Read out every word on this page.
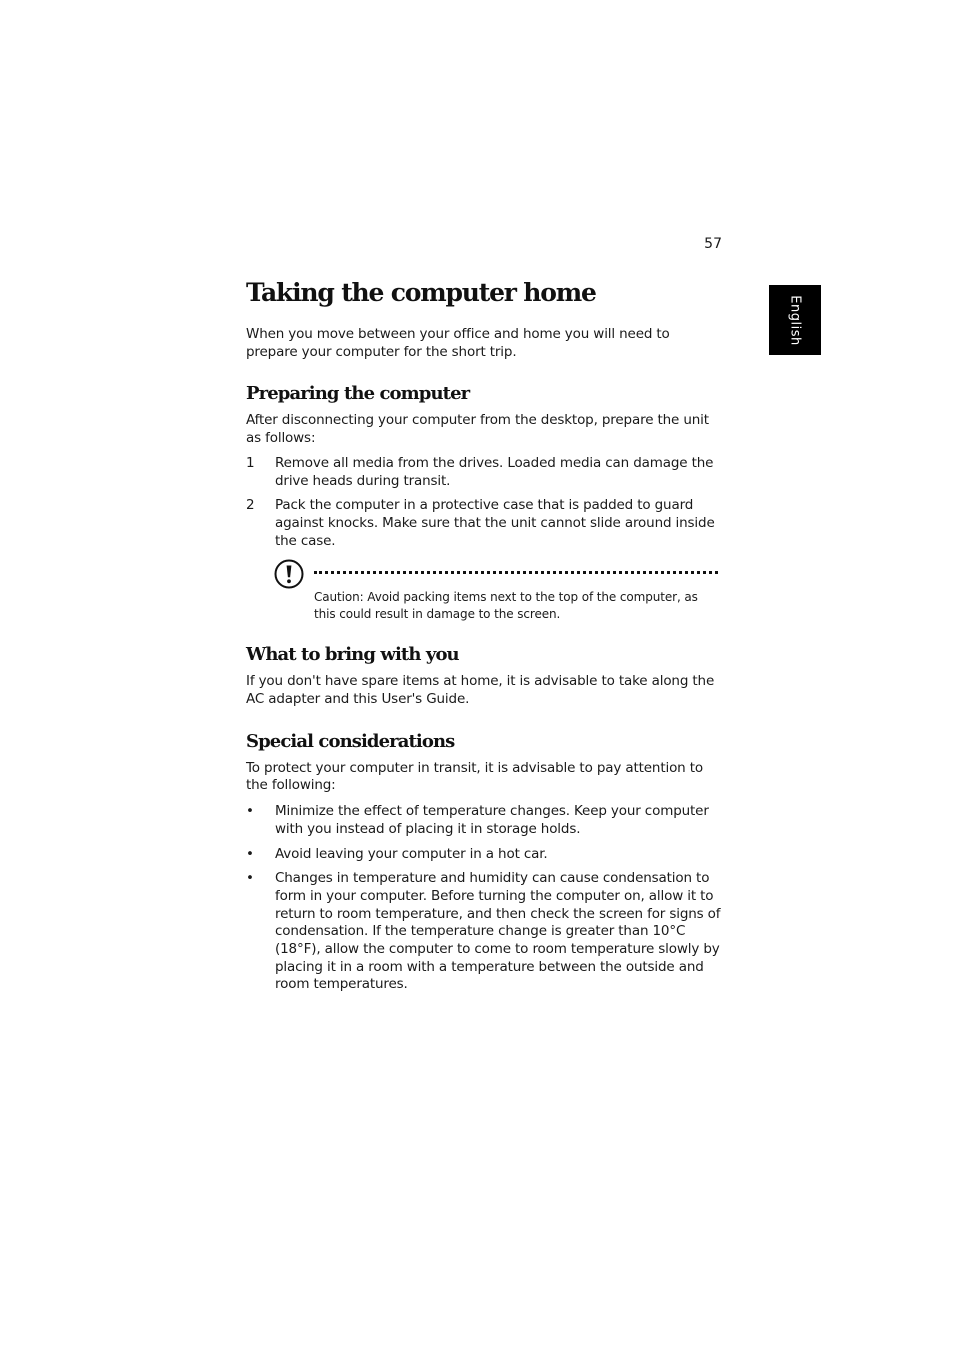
57
English
Taking the computer home

When you move between your office and home you will need to prepare your computer for the short trip.

Preparing the computer

After disconnecting your computer from the desktop, prepare the unit as follows:

1	Remove all media from the drives. Loaded media can damage the drive heads during transit.
2	Pack the computer in a protective case that is padded to guard against knocks. Make sure that the unit cannot slide around inside the case.

Caution: Avoid packing items next to the top of the computer, as this could result in damage to the screen.

What to bring with you

If you don't have spare items at home, it is advisable to take along the AC adapter and this User's Guide.

Special considerations

To protect your computer in transit, it is advisable to pay attention to the following:

•	Minimize the effect of temperature changes. Keep your computer with you instead of placing it in storage holds.
•	Avoid leaving your computer in a hot car.
•	Changes in temperature and humidity can cause condensation to form in your computer. Before turning the computer on, allow it to return to room temperature, and then check the screen for signs of condensation. If the temperature change is greater than 10°C (18°F), allow the computer to come to room temperature slowly by placing it in a room with a temperature between the outside and room temperatures.
